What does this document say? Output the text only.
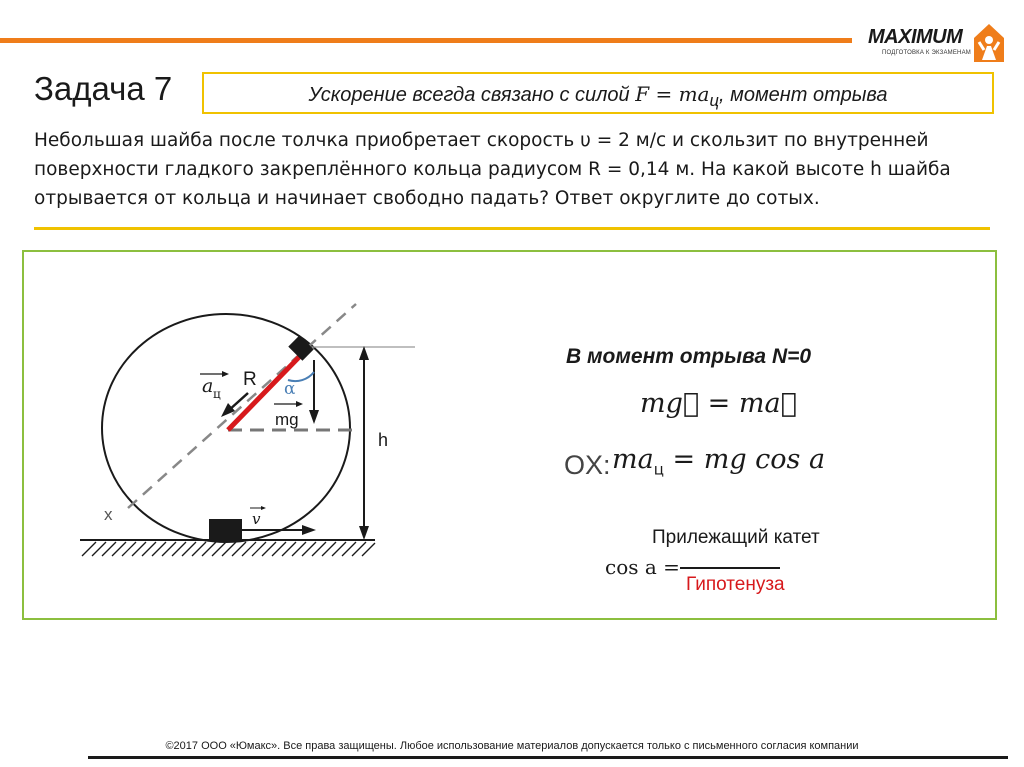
MAXIMUM
ПОДГОТОВКА К ЭКЗАМЕНАМ
Задача 7	Ускорение всегда связано с силой $F = ma_ц$, момент отрыва
Небольшая шайба после толчка приобретает скорость υ = 2 м/с и скользит по внутренней поверхности гладкого закреплённого кольца радиусом R = 0,14 м. На какой высоте h шайба отрывается от кольца и начинает свободно падать? Ответ округлите до сотых.
a ц
R α
mg
h
x	v
В момент отрыва N=0
mg⃗ = ma⃗
OX: $ma_ц$ = mg cos a
Прилежащий катет
cos a =
Гипотенуза
©2017 ООО «Юмакс». Все права защищены. Любое использование материалов допускается только с письменного согласия компании
